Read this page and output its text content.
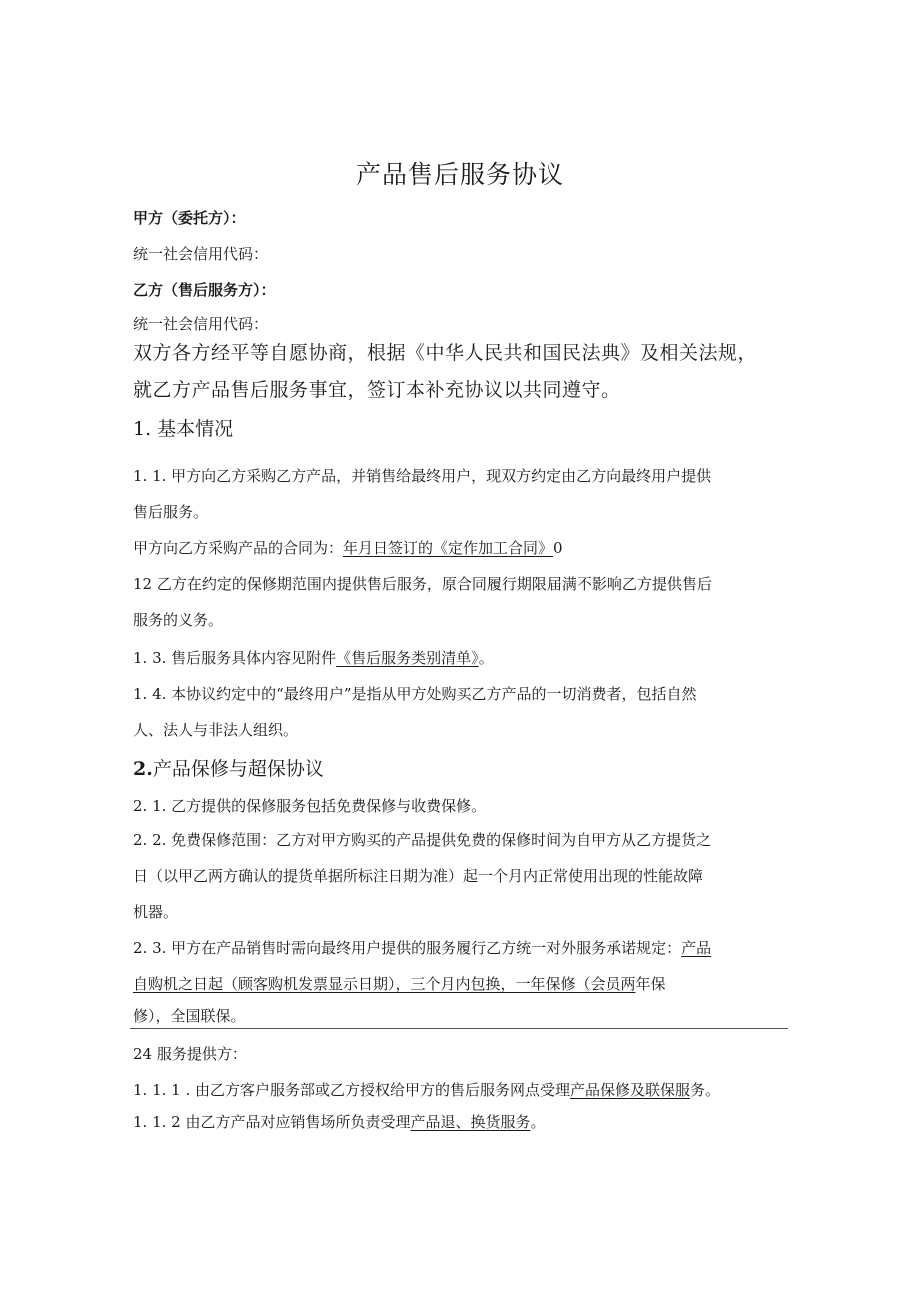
产品售后服务协议
甲方（委托方）：
统一社会信用代码：
乙方（售后服务方）：
统一社会信用代码：
双方各方经平等自愿协商，根据《中华人民共和国民法典》及相关法规，
就乙方产品售后服务事宜，签订本补充协议以共同遵守。
1. 基本情况
1. 1. 甲方向乙方采购乙方产品，并销售给最终用户，现双方约定由乙方向最终用户提供
售后服务。
甲方向乙方采购产品的合同为：年月日签订的《定作加工合同》0
12 乙方在约定的保修期范围内提供售后服务，原合同履行期限届满不影响乙方提供售后
服务的义务。
1. 3. 售后服务具体内容见附件《售后服务类别清单》。
1. 4. 本协议约定中的“最终用户”是指从甲方处购买乙方产品的一切消费者，包括自然
人、法人与非法人组织。
2.产品保修与超保协议
2. 1. 乙方提供的保修服务包括免费保修与收费保修。
2. 2. 免费保修范围：乙方对甲方购买的产品提供免费的保修时间为自甲方从乙方提货之
日（以甲乙两方确认的提货单据所标注日期为准）起一个月内正常使用出现的性能故障
机器。
2. 3. 甲方在产品销售时需向最终用户提供的服务履行乙方统一对外服务承诺规定：产品
自购机之日起（顾客购机发票显示日期），三个月内包换，一年保修（会员两年保
修），全国联保。
24 服务提供方：
1. 1. 1 . 由乙方客户服务部或乙方授权给甲方的售后服务网点受理产品保修及联保服务。
1. 1. 2 由乙方产品对应销售场所负责受理产品退、换货服务。
